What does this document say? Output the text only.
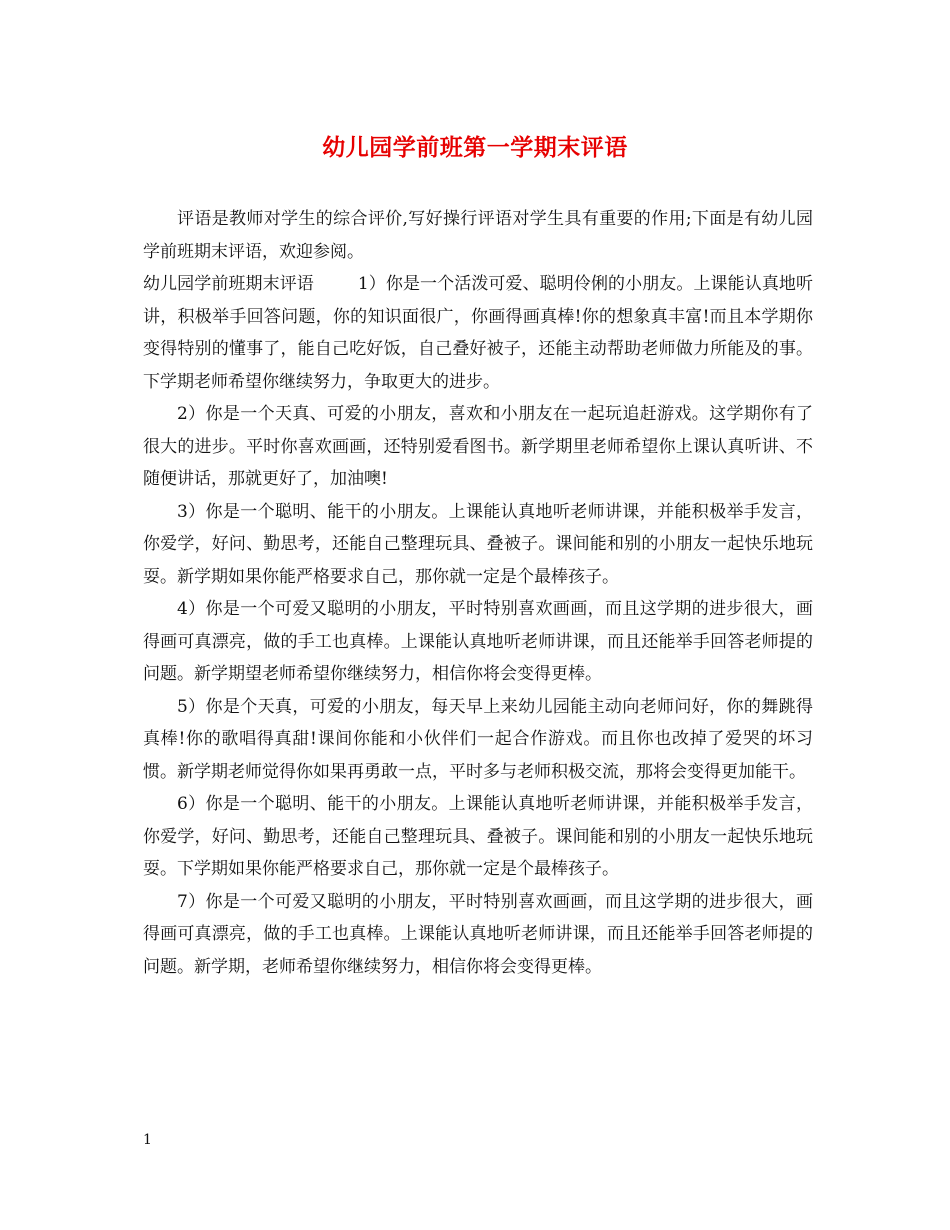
幼儿园学前班第一学期末评语

评语是教师对学生的综合评价,写好操行评语对学生具有重要的作用;下面是有幼儿园学前班期末评语，欢迎参阅。

幼儿园学前班期末评语	1）你是一个活泼可爱、聪明伶俐的小朋友。上课能认真地听讲，积极举手回答问题，你的知识面很广，你画得画真棒!你的想象真丰富!而且本学期你变得特别的懂事了，能自己吃好饭，自己叠好被子，还能主动帮助老师做力所能及的事。下学期老师希望你继续努力，争取更大的进步。

2）你是一个天真、可爱的小朋友，喜欢和小朋友在一起玩追赶游戏。这学期你有了很大的进步。平时你喜欢画画，还特别爱看图书。新学期里老师希望你上课认真听讲、不随便讲话，那就更好了，加油噢!

3）你是一个聪明、能干的小朋友。上课能认真地听老师讲课，并能积极举手发言，你爱学，好问、勤思考，还能自己整理玩具、叠被子。课间能和别的小朋友一起快乐地玩耍。新学期如果你能严格要求自己，那你就一定是个最棒孩子。

4）你是一个可爱又聪明的小朋友，平时特别喜欢画画，而且这学期的进步很大，画得画可真漂亮，做的手工也真棒。上课能认真地听老师讲课，而且还能举手回答老师提的问题。新学期望老师希望你继续努力，相信你将会变得更棒。

5）你是个天真，可爱的小朋友，每天早上来幼儿园能主动向老师问好，你的舞跳得真棒!你的歌唱得真甜!课间你能和小伙伴们一起合作游戏。而且你也改掉了爱哭的坏习惯。新学期老师觉得你如果再勇敢一点，平时多与老师积极交流，那将会变得更加能干。

6）你是一个聪明、能干的小朋友。上课能认真地听老师讲课，并能积极举手发言，你爱学，好问、勤思考，还能自己整理玩具、叠被子。课间能和别的小朋友一起快乐地玩耍。下学期如果你能严格要求自己，那你就一定是个最棒孩子。

7）你是一个可爱又聪明的小朋友，平时特别喜欢画画，而且这学期的进步很大，画得画可真漂亮，做的手工也真棒。上课能认真地听老师讲课，而且还能举手回答老师提的问题。新学期，老师希望你继续努力，相信你将会变得更棒。

1
